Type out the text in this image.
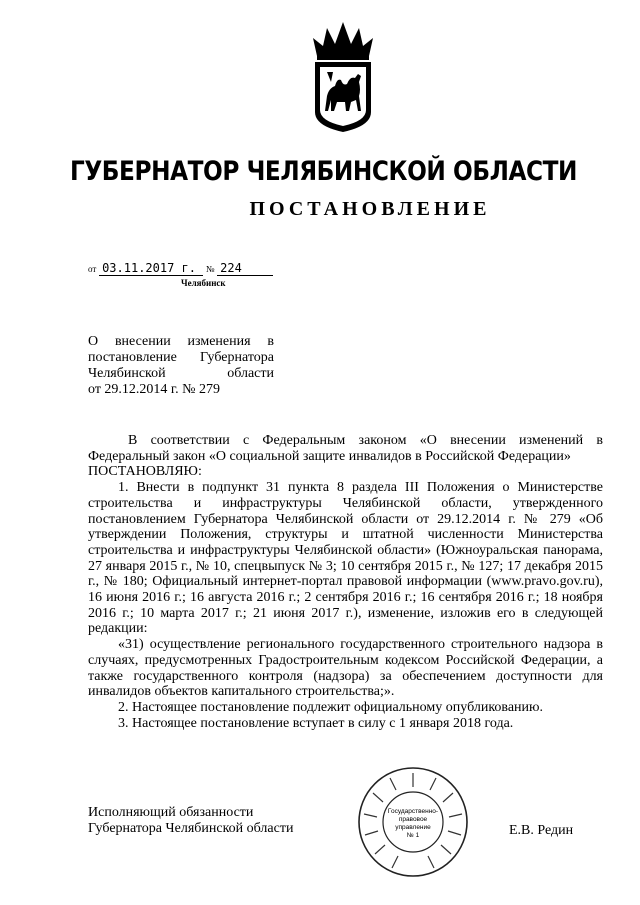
ГУБЕРНАТОР ЧЕЛЯБИНСКОЙ ОБЛАСТИ
ПОСТАНОВЛЕНИЕ
от 03.11.2017 г. № 224
Челябинск
О внесении изменения в
постановление Губернатора
Челябинской области
от 29.12.2014 г. № 279

В соответствии с Федеральным законом «О внесении изменений в Федеральный закон «О социальной защите инвалидов в Российской Федерации»

ПОСТАНОВЛЯЮ:

1. Внести в подпункт 31 пункта 8 раздела III Положения о Министерстве строительства и инфраструктуры Челябинской области, утвержденного постановлением Губернатора Челябинской области от 29.12.2014 г. № 279 «Об утверждении Положения, структуры и штатной численности Министерства строительства и инфраструктуры Челябинской области» (Южноуральская панорама, 27 января 2015 г., № 10, спецвыпуск № 3; 10 сентября 2015 г., № 127; 17 декабря 2015 г., № 180; Официальный интернет-портал правовой информации (www.pravo.gov.ru), 16 июня 2016 г.; 16 августа 2016 г.; 2 сентября 2016 г.; 16 сентября 2016 г.; 18 ноября 2016 г.; 10 марта 2017 г.; 21 июня 2017 г.), изменение, изложив его в следующей редакции:

«31) осуществление регионального государственного строительного надзора в случаях, предусмотренных Градостроительным кодексом Российской Федерации, а также государственного контроля (надзора) за обеспечением доступности для инвалидов объектов капитального строительства;».

2. Настоящее постановление подлежит официальному опубликованию.

3. Настоящее постановление вступает в силу с 1 января 2018 года.

Исполняющий обязанности
Губернатора Челябинской области	Е.В. Редин
Государственно-
правовое
управление
№ 1
